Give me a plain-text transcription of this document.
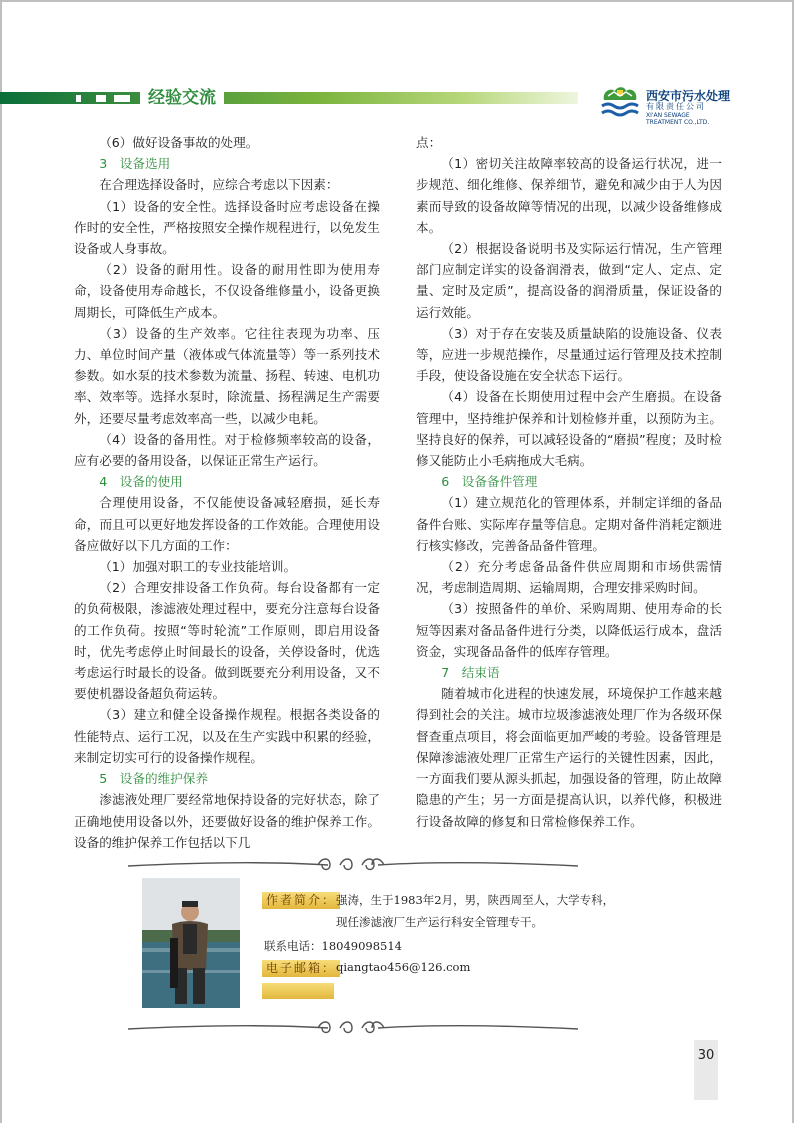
经验交流	西安市污水处理
有限责任公司
XI'AN SEWAGE
TREATMENT CO.,LTD.

（6）做好设备事故的处理。

3　设备选用

在合理选择设备时，应综合考虑以下因素：

（1）设备的安全性。选择设备时应考虑设备在操作时的安全性，严格按照安全操作规程进行，以免发生设备或人身事故。

（2）设备的耐用性。设备的耐用性即为使用寿命，设备使用寿命越长，不仅设备维修量小，设备更换周期长，可降低生产成本。

（3）设备的生产效率。它往往表现为功率、压力、单位时间产量（液体或气体流量等）等一系列技术参数。如水泵的技术参数为流量、扬程、转速、电机功率、效率等。选择水泵时，除流量、扬程满足生产需要外，还要尽量考虑效率高一些，以减少电耗。

（4）设备的备用性。对于检修频率较高的设备，应有必要的备用设备，以保证正常生产运行。

4　设备的使用

合理使用设备，不仅能使设备减轻磨损，延长寿命，而且可以更好地发挥设备的工作效能。合理使用设备应做好以下几方面的工作：

（1）加强对职工的专业技能培训。

（2）合理安排设备工作负荷。每台设备都有一定的负荷极限，渗滤液处理过程中，要充分注意每台设备的工作负荷。按照“等时轮流”工作原则，即启用设备时，优先考虑停止时间最长的设备，关停设备时，优选考虑运行时最长的设备。做到既要充分利用设备，又不要使机器设备超负荷运转。

（3）建立和健全设备操作规程。根据各类设备的性能特点、运行工况，以及在生产实践中积累的经验，来制定切实可行的设备操作规程。

5　设备的维护保养

渗滤液处理厂要经常地保持设备的完好状态，除了正确地使用设备以外，还要做好设备的维护保养工作。设备的维护保养工作包括以下几

点：

（1）密切关注故障率较高的设备运行状况，进一步规范、细化维修、保养细节，避免和减少由于人为因素而导致的设备故障等情况的出现，以减少设备维修成本。

（2）根据设备说明书及实际运行情况，生产管理部门应制定详实的设备润滑表，做到“定人、定点、定量、定时及定质”，提高设备的润滑质量，保证设备的运行效能。

（3）对于存在安装及质量缺陷的设施设备、仪表等，应进一步规范操作，尽量通过运行管理及技术控制手段，使设备设施在安全状态下运行。

（4）设备在长期使用过程中会产生磨损。在设备管理中，坚持维护保养和计划检修并重，以预防为主。坚持良好的保养，可以减轻设备的“磨损”程度；及时检修又能防止小毛病拖成大毛病。

6　设备备件管理

（1）建立规范化的管理体系，并制定详细的备品备件台账、实际库存量等信息。定期对备件消耗定额进行核实修改，完善备品备件管理。

（2）充分考虑备品备件供应周期和市场供需情况，考虑制造周期、运输周期，合理安排采购时间。

（3）按照备件的单价、采购周期、使用寿命的长短等因素对备品备件进行分类，以降低运行成本，盘活资金，实现备品备件的低库存管理。

7　结束语

随着城市化进程的快速发展，环境保护工作越来越得到社会的关注。城市垃圾渗滤液处理厂作为各级环保督查重点项目，将会面临更加严峻的考验。设备管理是保障渗滤液处理厂正常生产运行的关键性因素，因此，一方面我们要从源头抓起，加强设备的管理，防止故障隐患的产生；另一方面是提高认识，以养代修，积极进行设备故障的修复和日常检修保养工作。

作者简介： 强涛，生于1983年2月，男，陕西周至人，大学专科，
现任渗滤液厂生产运行科安全管理专干。
联系电话：18049098514
电子邮箱： qiangtao456@126.com
30
